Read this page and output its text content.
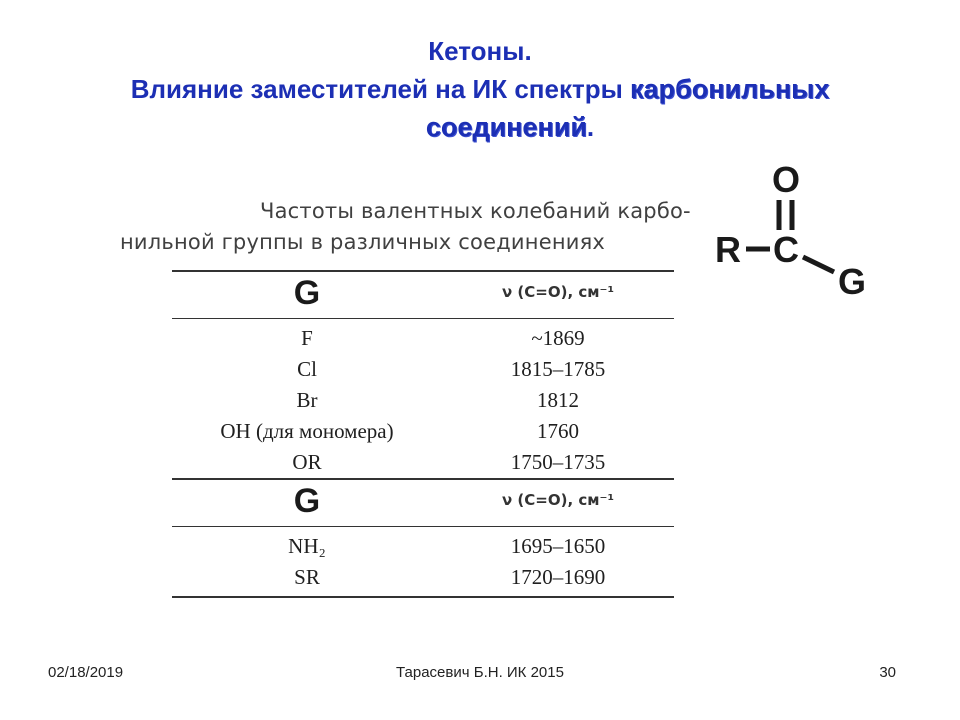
Кетоны.
Влияние заместителей на ИК спектры карбонильных
соединений.
Частоты валентных колебаний карбо-
нильной группы в различных соединениях
G	ν (C=O), см⁻¹
F	~1869
Cl	1815–1785
Br	1812
OH (для мономера)	1760
OR	1750–1735
G	ν (C=O), см⁻¹
NH₂	1695–1650
SR	1720–1690
O
R C
G
02/18/2019	Тарасевич Б.Н. ИК 2015	30
